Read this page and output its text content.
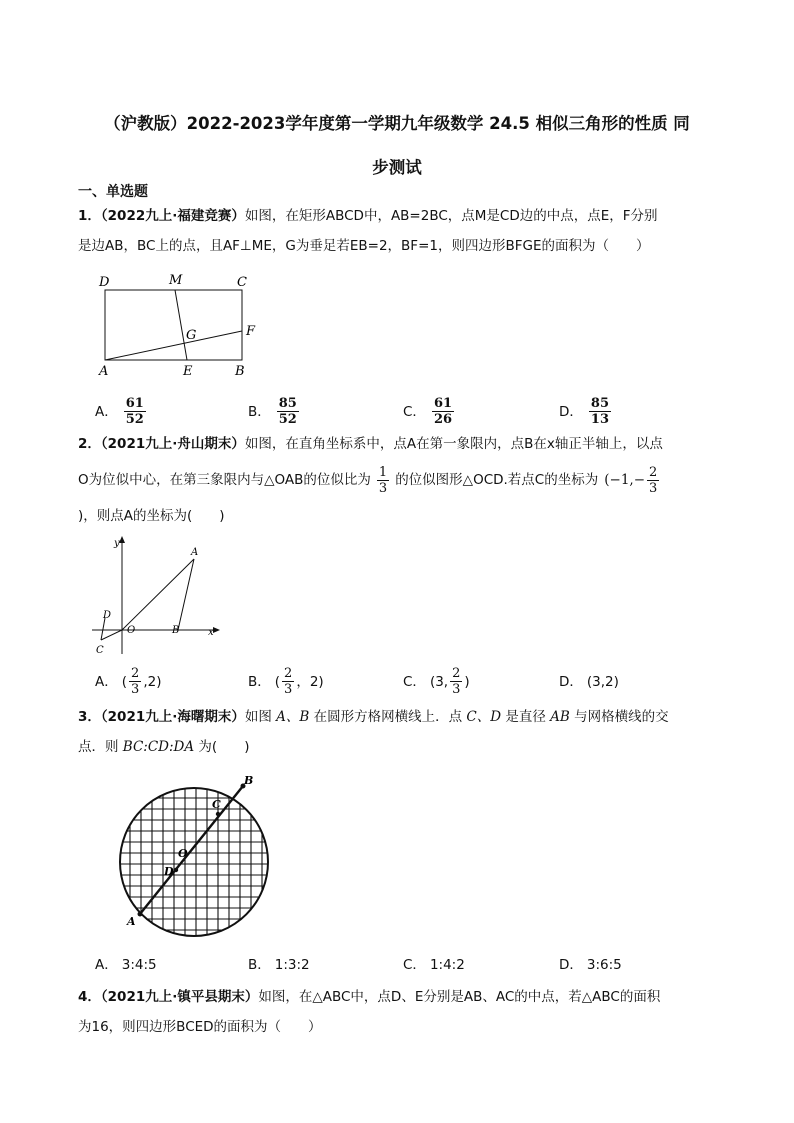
（沪教版）2022-2023学年度第一学期九年级数学 24.5 相似三角形的性质 同
步测试
一、单选题
1．（2022九上·福建竞赛）如图，在矩形ABCD中，AB=2BC，点M是CD边的中点，点E，F分别
是边AB，BC上的点，且AF⊥ME，G为垂足若EB=2，BF=1，则四边形BFGE的面积为（　　）
D	M	C
G	F
A	E	B
A． $\frac{61}{52}$	B． $\frac{85}{52}$	C． $\frac{61}{26}$	D． $\frac{85}{13}$
2．（2021九上·舟山期末）如图，在直角坐标系中，点A在第一象限内，点B在x轴正半轴上，以点
O为位似中心，在第三象限内与△OAB的位似比为 $\frac{1}{3}$ 的位似图形△OCD.若点C的坐标为 ($-1,- \frac{2}{3}$
)，则点A的坐标为(　　)
y
A
D
O	B	x
C
A． ( $\frac{2}{3} ,2$)	B． ( $\frac{2}{3}$ ，2)	C． (3, $\frac{2}{3}$ )	D． (3,2)
3．（2021九上·海曙期末）如图 A、B 在圆形方格网横线上．点 C、D 是直径 AB 与网格横线的交
点．则 BC:CD:DA 为(　　)
B
C
O
D
A
A． 3:4:5	B． 1:3:2	C． 1:4:2	D． 3:6:5
4．（2021九上·镇平县期末）如图，在△ABC中，点D、E分别是AB、AC的中点，若△ABC的面积
为16，则四边形BCED的面积为（　　）
